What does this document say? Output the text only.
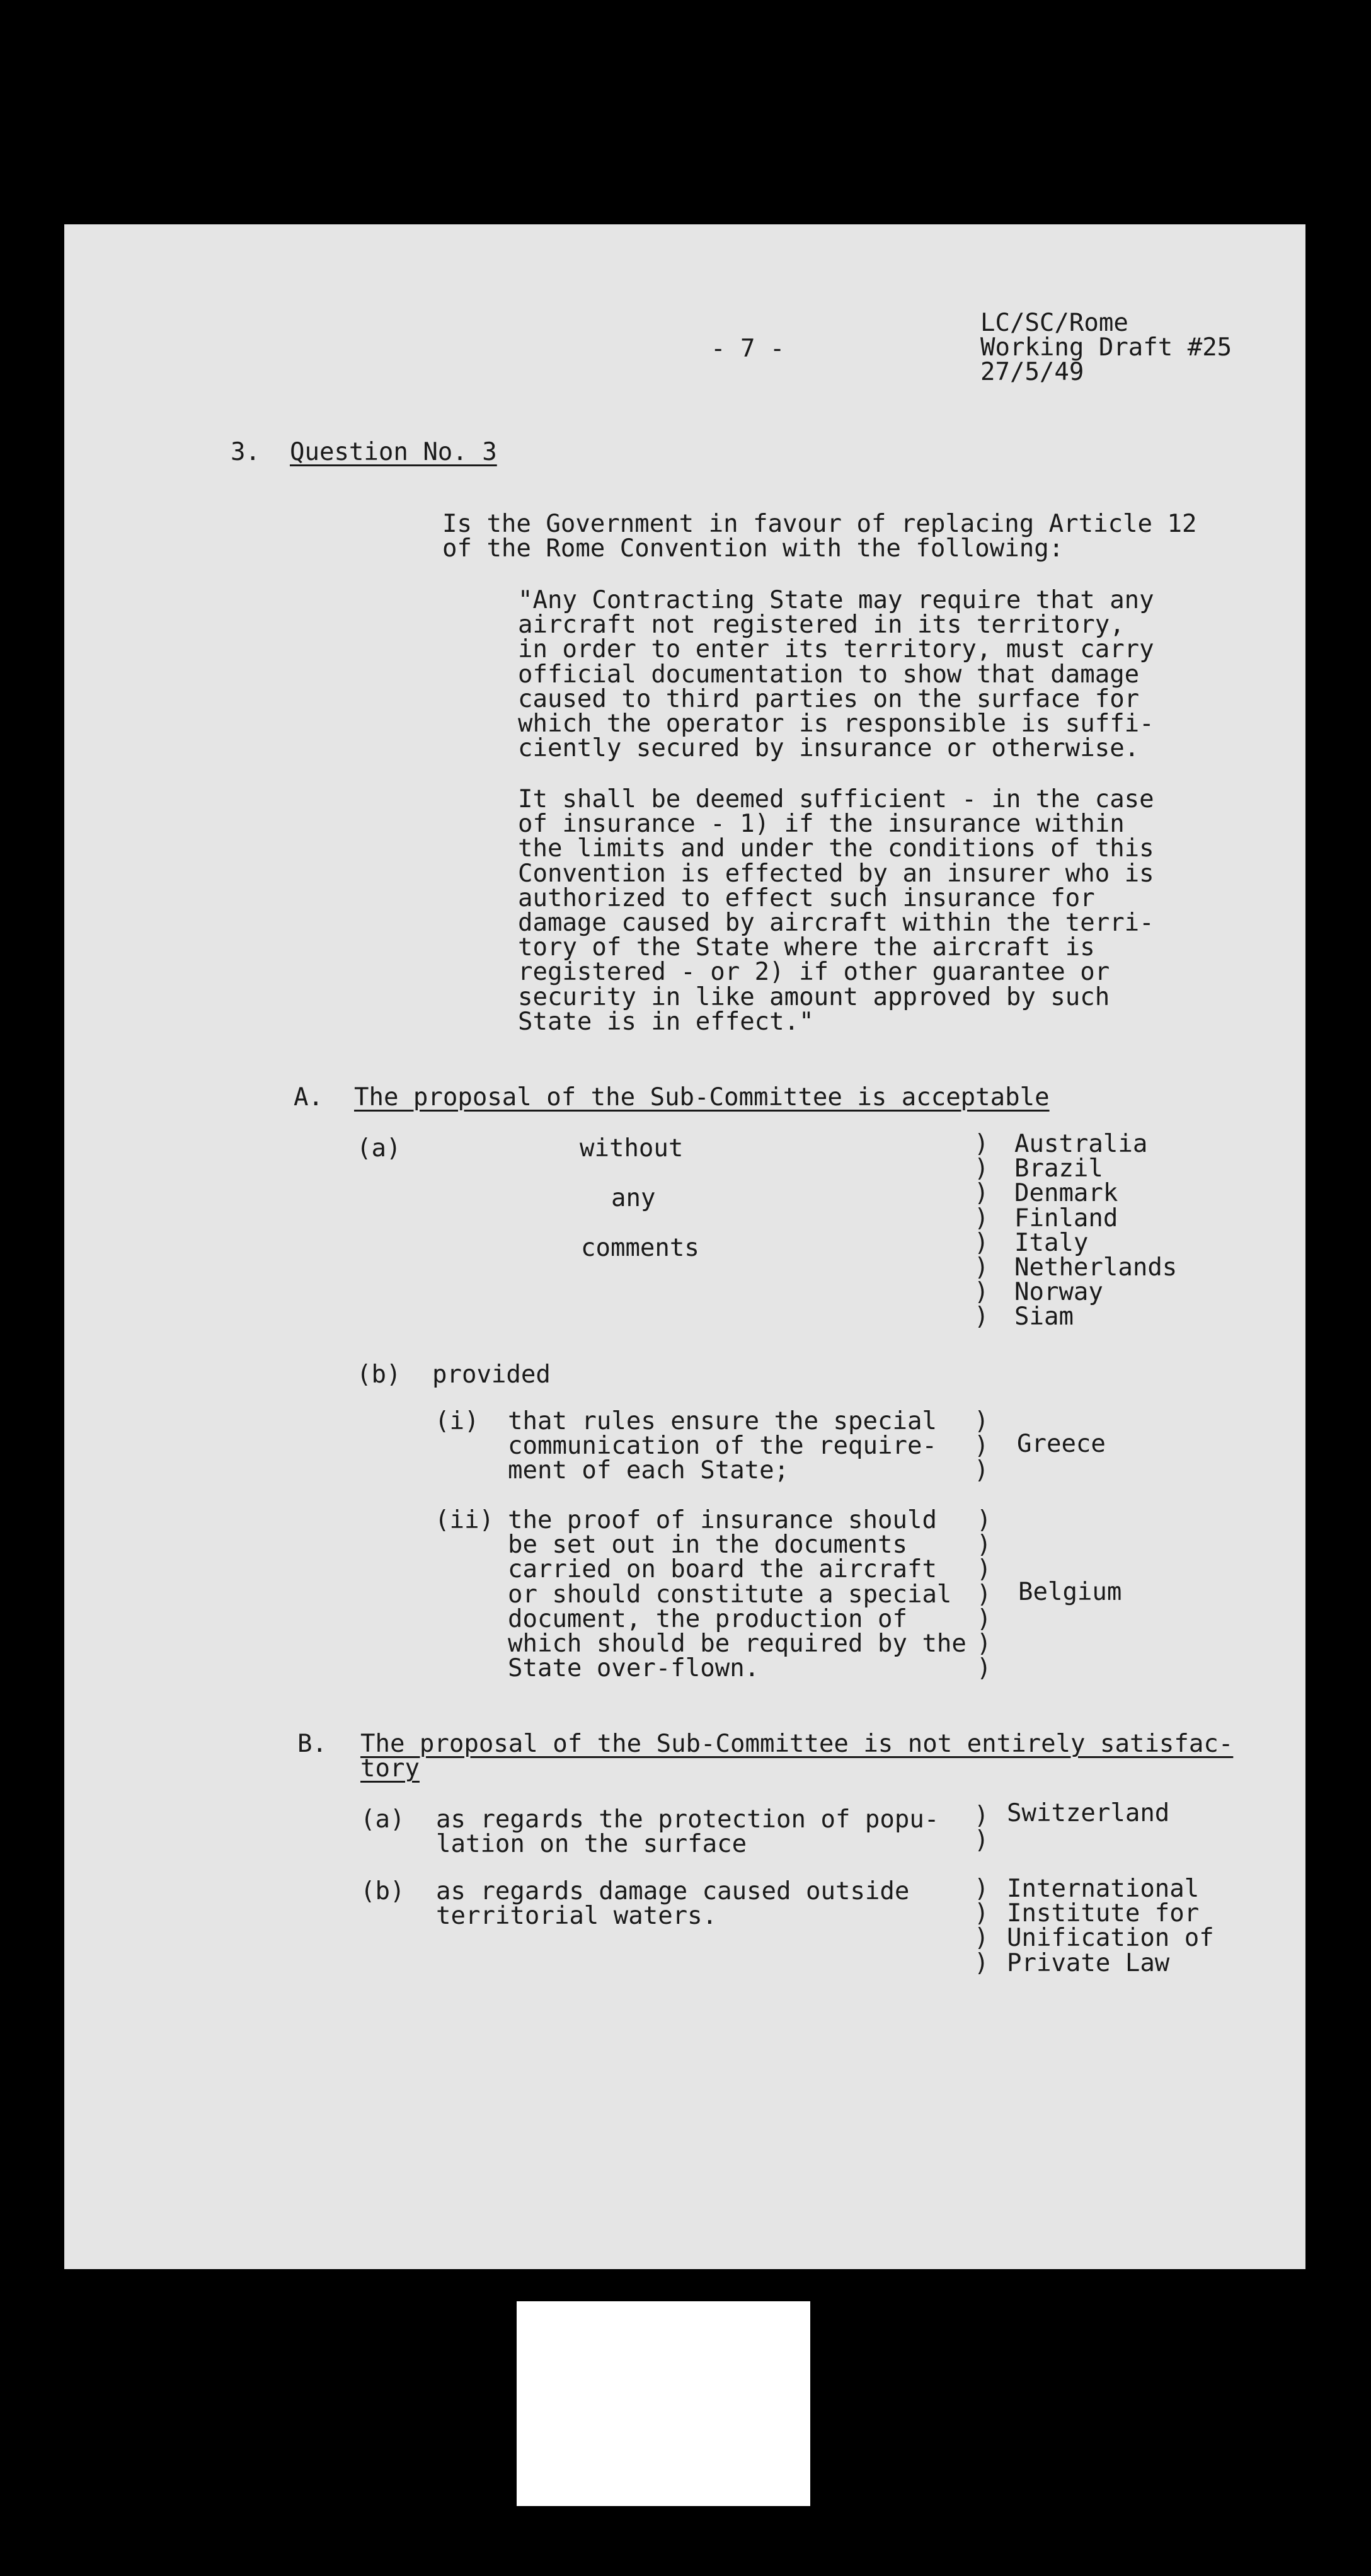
- 7 -
LC/SC/Rome
Working Draft #25
27/5/49
3. Question No. 3
Is the Government in favour of replacing Article 12
of the Rome Convention with the following:
"Any Contracting State may require that any
aircraft not registered in its territory,
in order to enter its territory, must carry
official documentation to show that damage
caused to third parties on the surface for
which the operator is responsible is suffi-
ciently secured by insurance or otherwise.
It shall be deemed sufficient - in the case
of insurance - 1) if the insurance within
the limits and under the conditions of this
Convention is effected by an insurer who is
authorized to effect such insurance for
damage caused by aircraft within the terri-
tory of the State where the aircraft is
registered - or 2) if other guarantee or
security in like amount approved by such
State is in effect."
A. The proposal of the Sub-Committee is acceptable
(a)	without
any
comments
)
)
)
)
)
)
)
)
Australia
Brazil
Denmark
Finland
Italy
Netherlands
Norway
Siam
(b) provided
(i) that rules ensure the special
communication of the require-
ment of each State;
)
)
)
Greece
(ii) the proof of insurance should
be set out in the documents
carried on board the aircraft
or should constitute a special
document, the production of
which should be required by the
State over-flown.
)
)
)
)
)
)
)
Belgium
B. The proposal of the Sub-Committee is not entirely satisfac-
tory
(a) as regards the protection of popu-
lation on the surface
)
)
Switzerland
(b) as regards damage caused outside
territorial waters.
)
)
)
)
International
Institute for
Unification of
Private Law
